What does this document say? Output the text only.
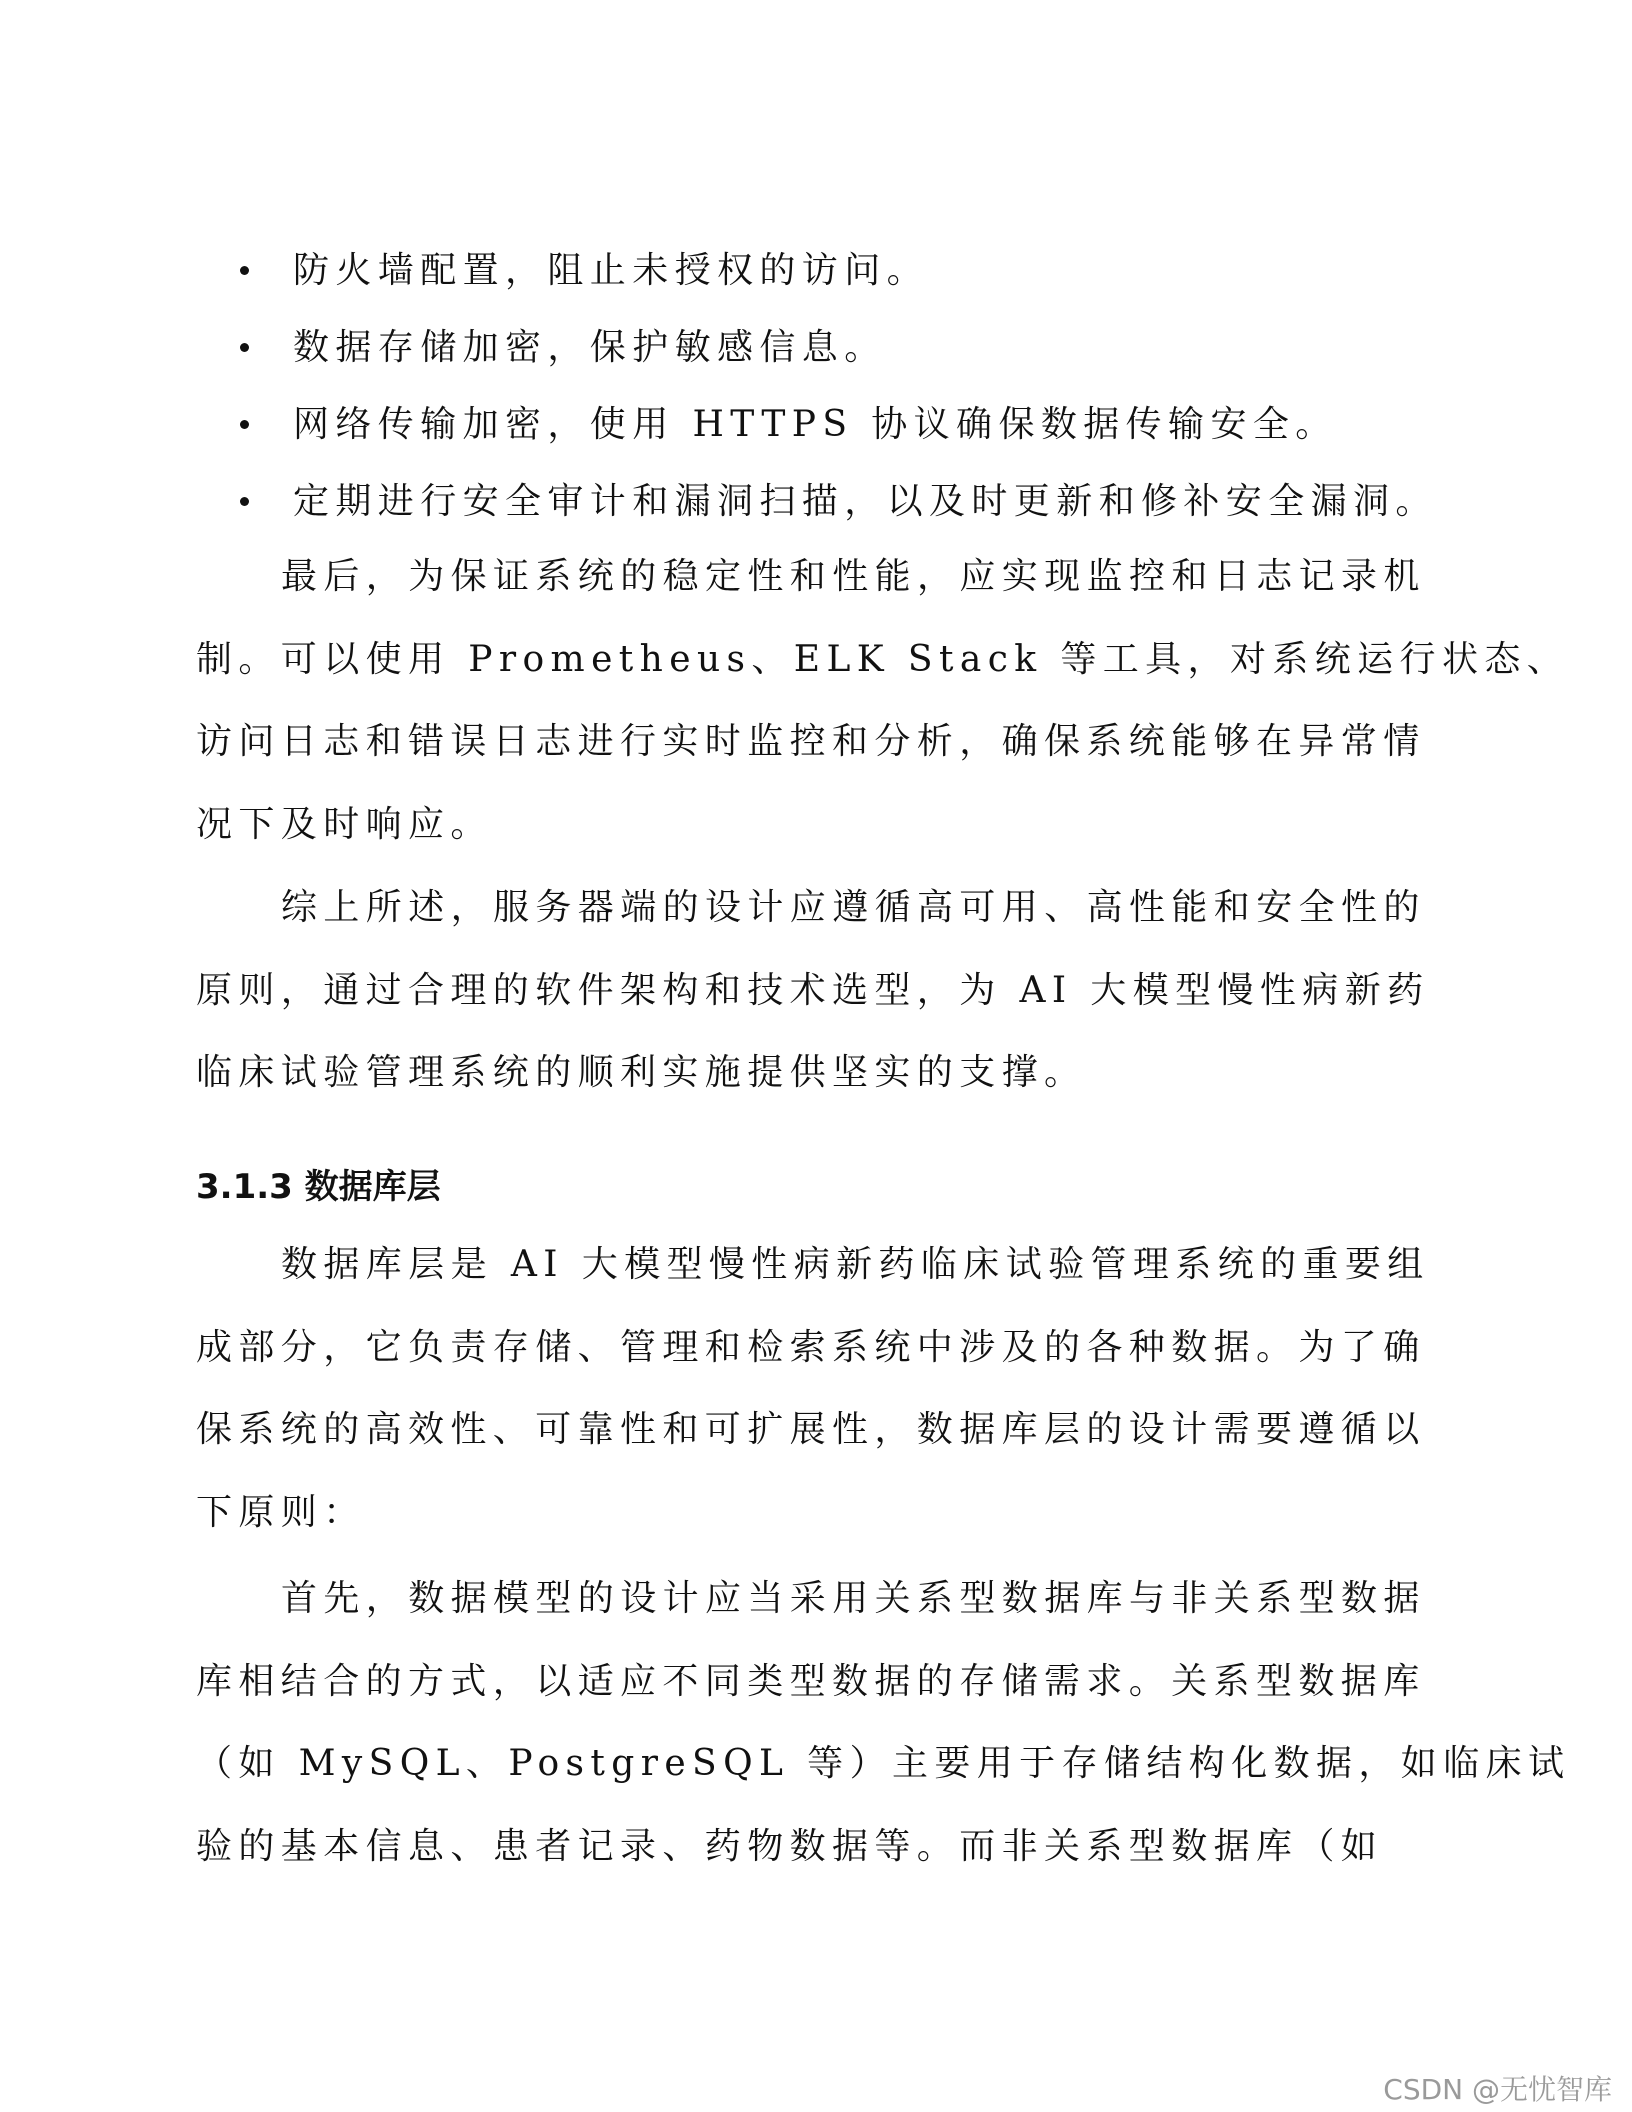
防火墙配置，阻止未授权的访问。
数据存储加密，保护敏感信息。
网络传输加密，使用 HTTPS 协议确保数据传输安全。
定期进行安全审计和漏洞扫描，以及时更新和修补安全漏洞。
最后，为保证系统的稳定性和性能，应实现监控和日志记录机
制。可以使用 Prometheus、ELK Stack 等工具，对系统运行状态、
访问日志和错误日志进行实时监控和分析，确保系统能够在异常情
况下及时响应。
综上所述，服务器端的设计应遵循高可用、高性能和安全性的
原则，通过合理的软件架构和技术选型，为 AI 大模型慢性病新药
临床试验管理系统的顺利实施提供坚实的支撑。
3.1.3 数据库层
数据库层是 AI 大模型慢性病新药临床试验管理系统的重要组
成部分，它负责存储、管理和检索系统中涉及的各种数据。为了确
保系统的高效性、可靠性和可扩展性，数据库层的设计需要遵循以
下原则：
首先，数据模型的设计应当采用关系型数据库与非关系型数据
库相结合的方式，以适应不同类型数据的存储需求。关系型数据库
（如 MySQL、PostgreSQL 等）主要用于存储结构化数据，如临床试
验的基本信息、患者记录、药物数据等。而非关系型数据库（如
CSDN @无忧智库
